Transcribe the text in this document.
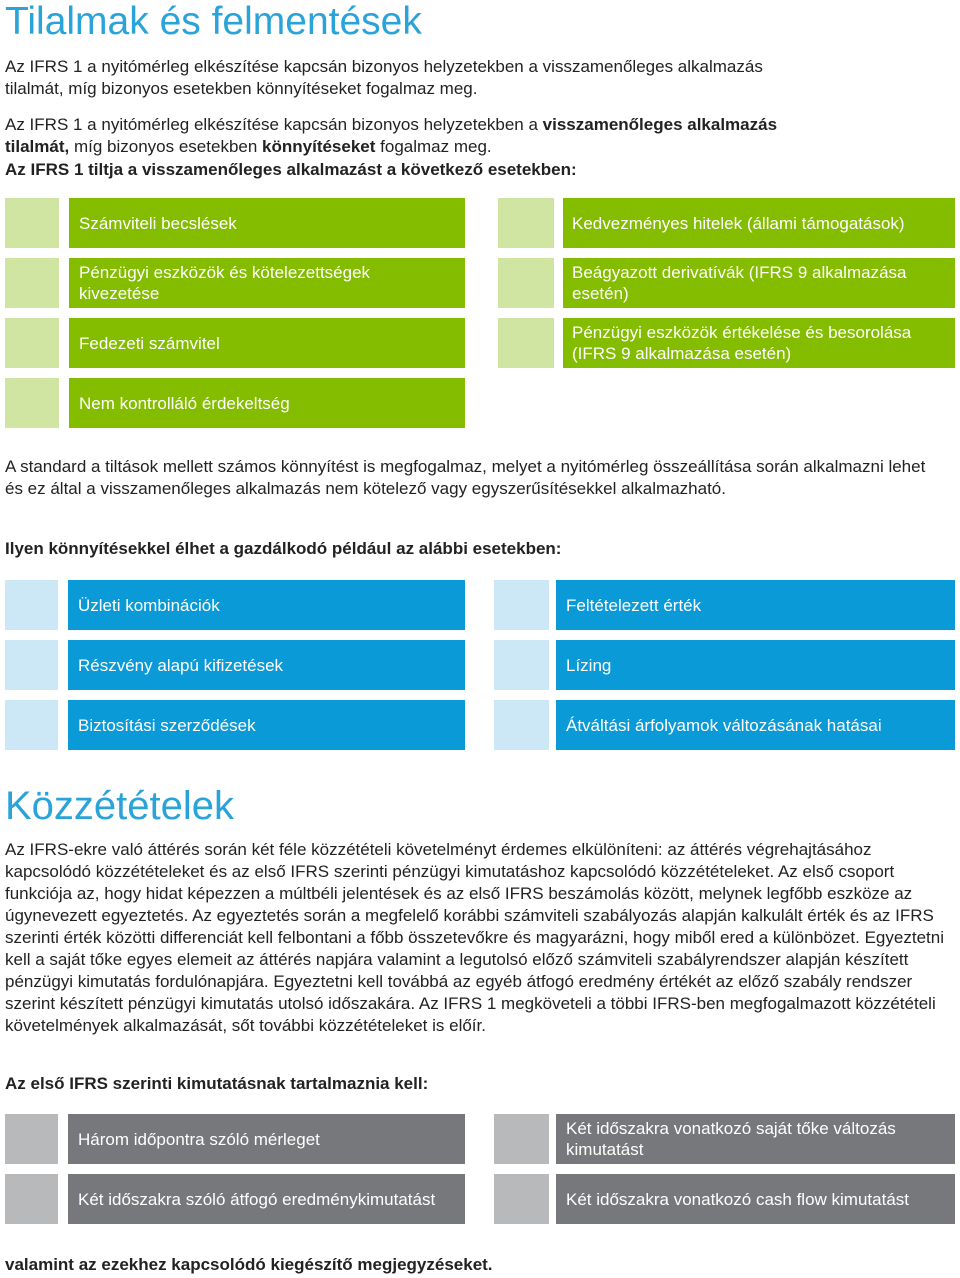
Tilalmak és felmentések
Az IFRS 1 a nyitómérleg elkészítése kapcsán bizonyos helyzetekben a visszamenőleges alkalmazás
tilalmát, míg bizonyos esetekben könnyítéseket fogalmaz meg.
Az IFRS 1 a nyitómérleg elkészítése kapcsán bizonyos helyzetekben a visszamenőleges alkalmazás
tilalmát, míg bizonyos esetekben könnyítéseket fogalmaz meg.
Az IFRS 1 tiltja a visszamenőleges alkalmazást a következő esetekben:
Számviteli becslések
Pénzügyi eszközök és kötelezettségek kivezetése
Fedezeti számvitel
Nem kontrolláló érdekeltség
Kedvezményes hitelek (állami támogatások)
Beágyazott derivatívák (IFRS 9 alkalmazása esetén)
Pénzügyi eszközök értékelése és besorolása (IFRS 9 alkalmazása esetén)
A standard a tiltások mellett számos könnyítést is megfogalmaz, melyet a nyitómérleg összeállítása során alkalmazni lehet és ez által a visszamenőleges alkalmazás nem kötelező vagy egyszerűsítésekkel alkalmazható.
Ilyen könnyítésekkel élhet a gazdálkodó például az alábbi esetekben:
Üzleti kombinációk
Részvény alapú kifizetések
Biztosítási szerződések
Feltételezett érték
Lízing
Átváltási árfolyamok változásának hatásai
Közzétételek
Az IFRS-ekre való áttérés során két féle közzétételi követelményt érdemes elkülöníteni: az áttérés végrehajtásához kapcsolódó közzétételeket és az első IFRS szerinti pénzügyi kimutatáshoz kapcsolódó közzétételeket. Az első csoport funkciója az, hogy hidat képezzen a múltbéli jelentések és az első IFRS beszámolás között, melynek legfőbb eszköze az úgynevezett egyeztetés. Az egyeztetés során a megfelelő korábbi számviteli szabályozás alapján kalkulált érték és az IFRS szerinti érték közötti differenciát kell felbontani a főbb összetevőkre és magyarázni, hogy miből ered a különbözet. Egyeztetni kell a saját tőke egyes elemeit az áttérés napjára valamint a legutolsó előző számviteli szabályrendszer alapján készített pénzügyi kimutatás fordulónapjára. Egyeztetni kell továbbá az egyéb átfogó eredmény értékét az előző szabály rendszer szerint készített pénzügyi kimutatás utolsó időszakára. Az IFRS 1 megköveteli a többi IFRS-ben megfogalmazott közzétételi követelmények alkalmazását, sőt további közzétételeket is előír.
Az első IFRS szerinti kimutatásnak tartalmaznia kell:
Három időpontra szóló mérleget
Két időszakra szóló átfogó eredménykimutatást
Két időszakra vonatkozó saját tőke változás kimutatást
Két időszakra vonatkozó cash flow kimutatást
valamint az ezekhez kapcsolódó kiegészítő megjegyzéseket.
